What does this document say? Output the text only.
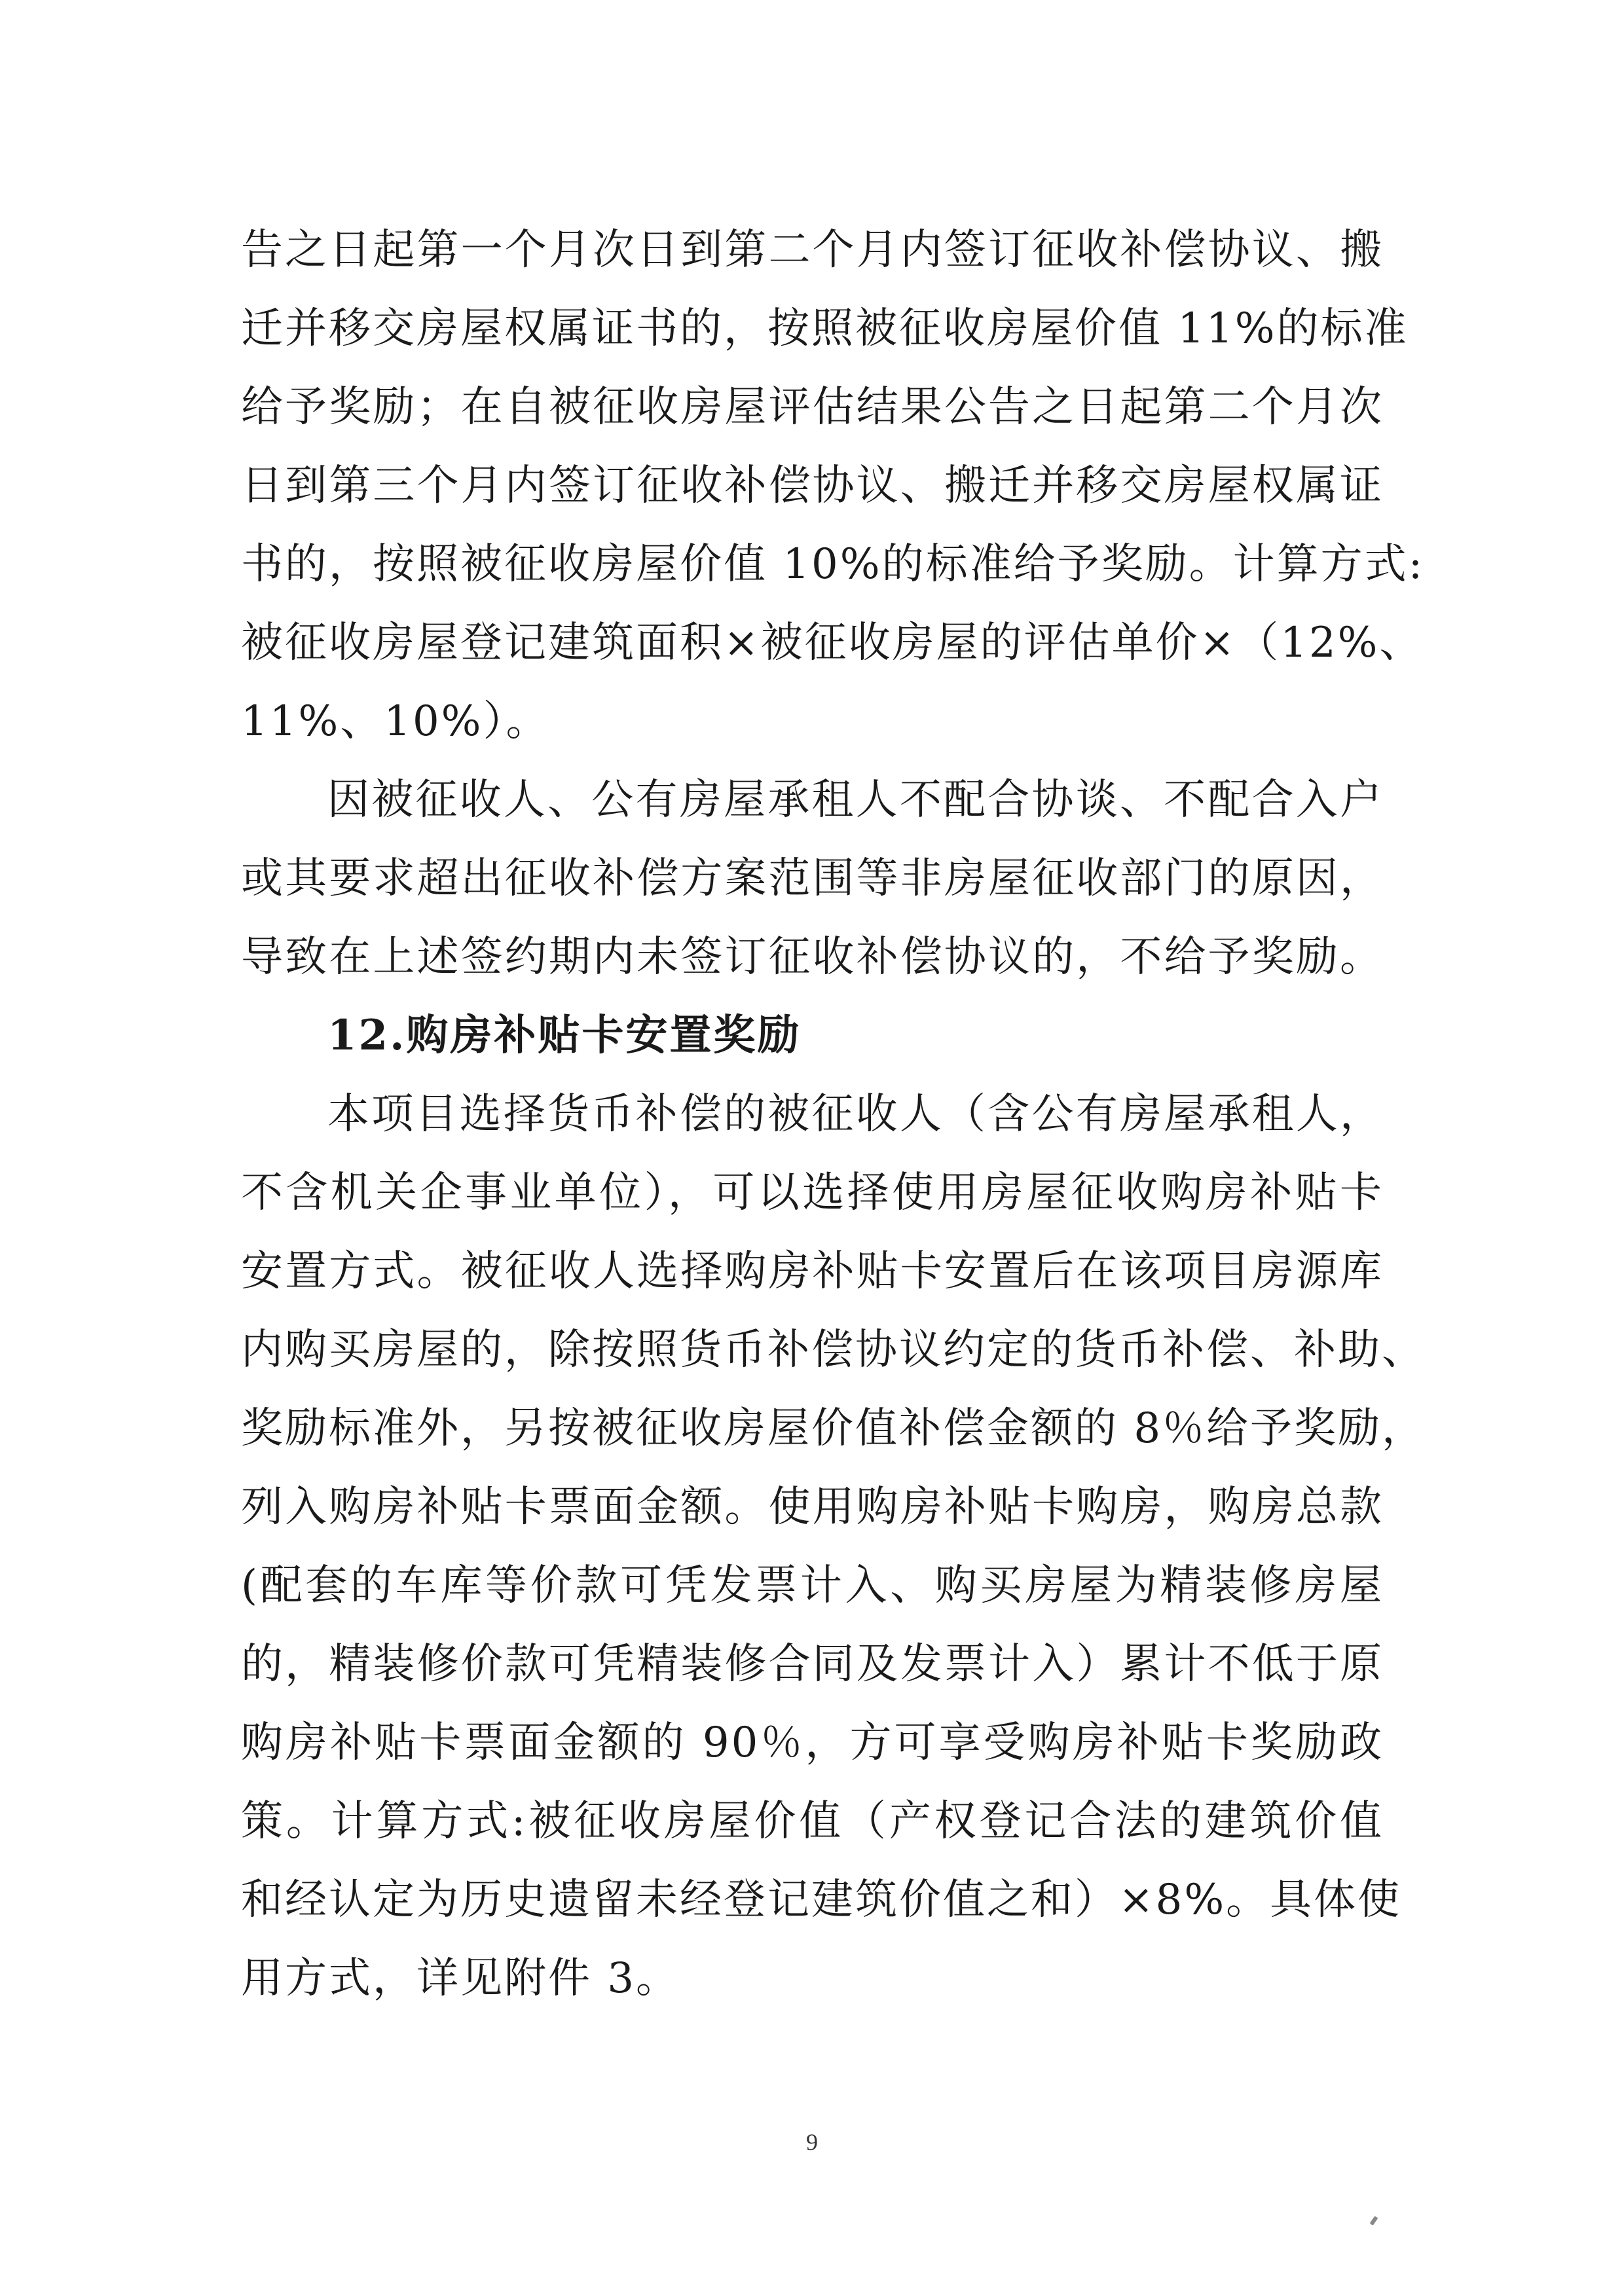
告之日起第一个月次日到第二个月内签订征收补偿协议、搬
迁并移交房屋权属证书的，按照被征收房屋价值 11%的标准
给予奖励；在自被征收房屋评估结果公告之日起第二个月次
日到第三个月内签订征收补偿协议、搬迁并移交房屋权属证
书的，按照被征收房屋价值 10%的标准给予奖励。计算方式:
被征收房屋登记建筑面积×被征收房屋的评估单价×（12%、
11%、10%）。
因被征收人、公有房屋承租人不配合协谈、不配合入户
或其要求超出征收补偿方案范围等非房屋征收部门的原因，
导致在上述签约期内未签订征收补偿协议的，不给予奖励。
12.购房补贴卡安置奖励
本项目选择货币补偿的被征收人（含公有房屋承租人，
不含机关企事业单位），可以选择使用房屋征收购房补贴卡
安置方式。被征收人选择购房补贴卡安置后在该项目房源库
内购买房屋的，除按照货币补偿协议约定的货币补偿、补助、
奖励标准外，另按被征收房屋价值补偿金额的 8％给予奖励，
列入购房补贴卡票面金额。使用购房补贴卡购房，购房总款
(配套的车库等价款可凭发票计入、购买房屋为精装修房屋
的，精装修价款可凭精装修合同及发票计入）累计不低于原
购房补贴卡票面金额的 90％，方可享受购房补贴卡奖励政
策。计算方式:被征收房屋价值（产权登记合法的建筑价值
和经认定为历史遗留未经登记建筑价值之和）×8%。具体使
用方式，详见附件 3。
9
